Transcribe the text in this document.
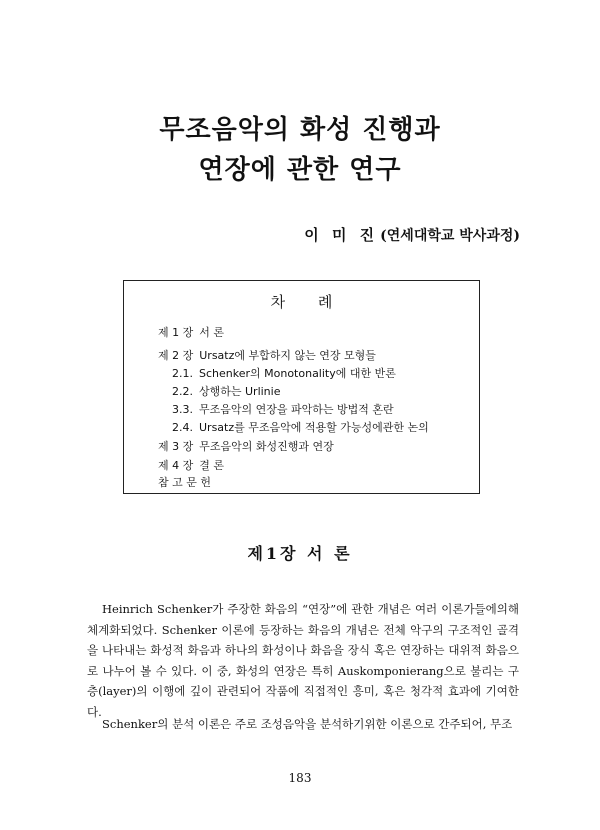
무조음악의 화성 진행과
연장에 관한 연구
이 미 진 (연세대학교 박사과정)
차 례
제 1 장 서 론
제 2 장 Ursatz에 부합하지 않는 연장 모형들
2.1. Schenker의 Monotonality에 대한 반론
2.2. 상행하는 Urlinie
3.3. 무조음악의 연장을 파악하는 방법적 혼란
2.4. Ursatz를 무조음악에 적용할 가능성에관한 논의
제 3 장 무조음악의 화성진행과 연장
제 4 장 결 론
참 고 문 헌
제1장 서 론
Heinrich Schenker가 주장한 화음의 “연장”에 관한 개념은 여러 이론가들에의해 체계화되었다. Schenker 이론에 등장하는 화음의 개념은 전체 악구의 구조적인 골격을 나타내는 화성적 화음과 하나의 화성이나 화음을 장식 혹은 연장하는 대위적 화음으로 나누어 볼 수 있다. 이 중, 화성의 연장은 특히 Auskomponierang으로 불리는 구층(layer)의 이행에 깊이 관련되어 작품에 직접적인 흥미, 혹은 청각적 효과에 기여한다.
Schenker의 분석 이론은 주로 조성음악을 분석하기위한 이론으로 간주되어, 무조
183
